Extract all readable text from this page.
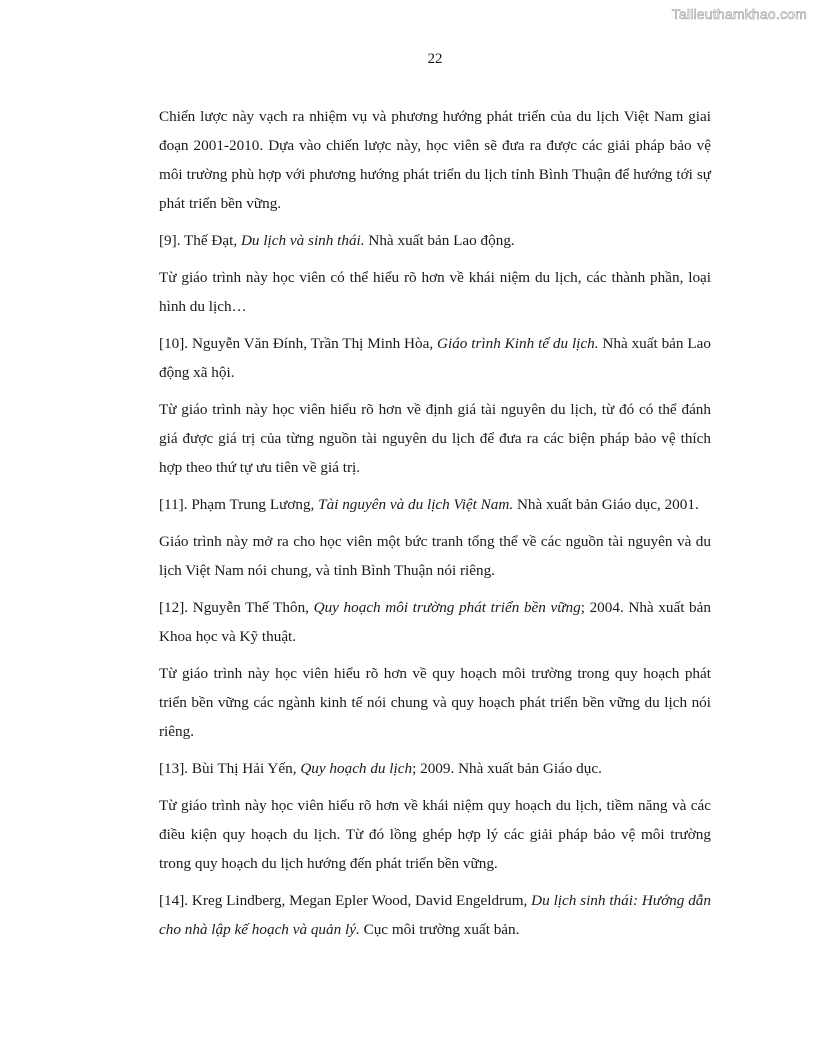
Tailieuthamkhao.com
22

Chiến lược này vạch ra nhiệm vụ và phương hướng phát triển của du lịch Việt Nam giai đoạn 2001-2010. Dựa vào chiến lược này, học viên sẽ đưa ra được các giải pháp bảo vệ môi trường phù hợp với phương hướng phát triển du lịch tỉnh Bình Thuận để hướng tới sự phát triển bền vững.

[9]. Thế Đạt, Du lịch và sinh thái. Nhà xuất bản Lao động.

Từ giáo trình này học viên có thể hiểu rõ hơn về khái niệm du lịch, các thành phần, loại hình du lịch…

[10]. Nguyễn Văn Đính, Trần Thị Minh Hòa, Giáo trình Kinh tế du lịch. Nhà xuất bản Lao động xã hội.

Từ giáo trình này học viên hiểu rõ hơn về định giá tài nguyên du lịch, từ đó có thể đánh giá được giá trị của từng nguồn tài nguyên du lịch để đưa ra các biện pháp bảo vệ thích hợp theo thứ tự ưu tiên về giá trị.

[11]. Phạm Trung Lương, Tài nguyên và du lịch Việt Nam. Nhà xuất bản Giáo dục, 2001.

Giáo trình này mở ra cho học viên một bức tranh tổng thể về các nguồn tài nguyên và du lịch Việt Nam nói chung, và tỉnh Bình Thuận nói riêng.

[12]. Nguyễn Thế Thôn, Quy hoạch môi trường phát triển bền vững; 2004. Nhà xuất bản Khoa học và Kỹ thuật.

Từ giáo trình này học viên hiểu rõ hơn về quy hoạch môi trường trong quy hoạch phát triển bền vững các ngành kinh tế nói chung và quy hoạch phát triển bền vững du lịch nói riêng.

[13]. Bùi Thị Hải Yến, Quy hoạch du lịch; 2009. Nhà xuất bản Giáo dục.

Từ giáo trình này học viên hiểu rõ hơn về khái niệm quy hoạch du lịch, tiềm năng và các điều kiện quy hoạch du lịch. Từ đó lồng ghép hợp lý các giải pháp bảo vệ môi trường trong quy hoạch du lịch hướng đến phát triển bền vững.

[14]. Kreg Lindberg, Megan Epler Wood, David Engeldrum, Du lịch sinh thái: Hướng dẫn cho nhà lập kế hoạch và quản lý. Cục môi trường xuất bản.
